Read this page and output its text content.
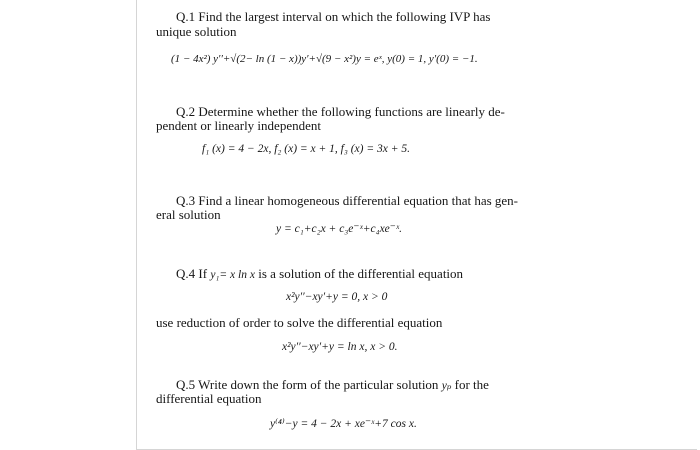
Q.1 Find the largest interval on which the following IVP has
unique solution
(1 − 4x²) y′′+√(2− ln (1 − x))y′+√(9 − x²)y = eˣ, y(0) = 1, y′(0) = −1.
Q.2 Determine whether the following functions are linearly de-
pendent or linearly independent
f₁ (x) = 4 − 2x, f₂ (x) = x + 1, f₃ (x) = 3x + 5.
Q.3 Find a linear homogeneous differential equation that has gen-
eral solution
y = c₁+c₂x + c₃e⁻ˣ+c₄xe⁻ˣ.
Q.4 If y₁= x ln x is a solution of the differential equation
x²y′′−xy′+y = 0, x > 0
use reduction of order to solve the differential equation
x²y′′−xy′+y = ln x, x > 0.
Q.5 Write down the form of the particular solution yₚ for the
differential equation
y⁽⁴⁾−y = 4 − 2x + xe⁻ˣ+7 cos x.
